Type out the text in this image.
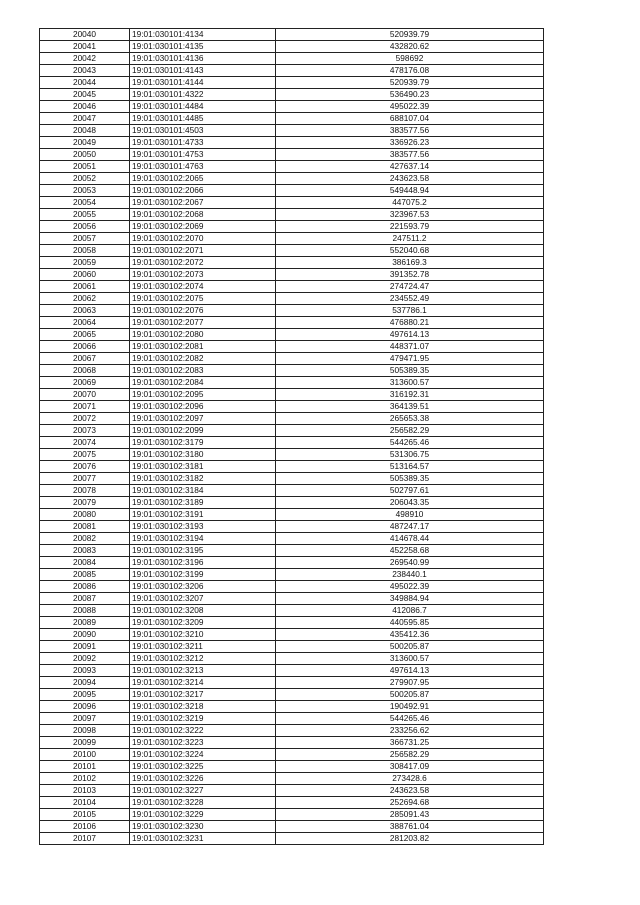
20040	19:01:030101:4134	520939.79
20041	19:01:030101:4135	432820.62
20042	19:01:030101:4136	598692
20043	19:01:030101:4143	478176.08
20044	19:01:030101:4144	520939.79
20045	19:01:030101:4322	536490.23
20046	19:01:030101:4484	495022.39
20047	19:01:030101:4485	688107.04
20048	19:01:030101:4503	383577.56
20049	19:01:030101:4733	336926.23
20050	19:01:030101:4753	383577.56
20051	19:01:030101:4763	427637.14
20052	19:01:030102:2065	243623.58
20053	19:01:030102:2066	549448.94
20054	19:01:030102:2067	447075.2
20055	19:01:030102:2068	323967.53
20056	19:01:030102:2069	221593.79
20057	19:01:030102:2070	247511.2
20058	19:01:030102:2071	552040.68
20059	19:01:030102:2072	386169.3
20060	19:01:030102:2073	391352.78
20061	19:01:030102:2074	274724.47
20062	19:01:030102:2075	234552.49
20063	19:01:030102:2076	537786.1
20064	19:01:030102:2077	476880.21
20065	19:01:030102:2080	497614.13
20066	19:01:030102:2081	448371.07
20067	19:01:030102:2082	479471.95
20068	19:01:030102:2083	505389.35
20069	19:01:030102:2084	313600.57
20070	19:01:030102:2095	316192.31
20071	19:01:030102:2096	364139.51
20072	19:01:030102:2097	265653.38
20073	19:01:030102:2099	256582.29
20074	19:01:030102:3179	544265.46
20075	19:01:030102:3180	531306.75
20076	19:01:030102:3181	513164.57
20077	19:01:030102:3182	505389.35
20078	19:01:030102:3184	502797.61
20079	19:01:030102:3189	206043.35
20080	19:01:030102:3191	498910
20081	19:01:030102:3193	487247.17
20082	19:01:030102:3194	414678.44
20083	19:01:030102:3195	452258.68
20084	19:01:030102:3196	269540.99
20085	19:01:030102:3199	238440.1
20086	19:01:030102:3206	495022.39
20087	19:01:030102:3207	349884.94
20088	19:01:030102:3208	412086.7
20089	19:01:030102:3209	440595.85
20090	19:01:030102:3210	435412.36
20091	19:01:030102:3211	500205.87
20092	19:01:030102:3212	313600.57
20093	19:01:030102:3213	497614.13
20094	19:01:030102:3214	279907.95
20095	19:01:030102:3217	500205.87
20096	19:01:030102:3218	190492.91
20097	19:01:030102:3219	544265.46
20098	19:01:030102:3222	233256.62
20099	19:01:030102:3223	366731.25
20100	19:01:030102:3224	256582.29
20101	19:01:030102:3225	308417.09
20102	19:01:030102:3226	273428.6
20103	19:01:030102:3227	243623.58
20104	19:01:030102:3228	252694.68
20105	19:01:030102:3229	285091.43
20106	19:01:030102:3230	388761.04
20107	19:01:030102:3231	281203.82
